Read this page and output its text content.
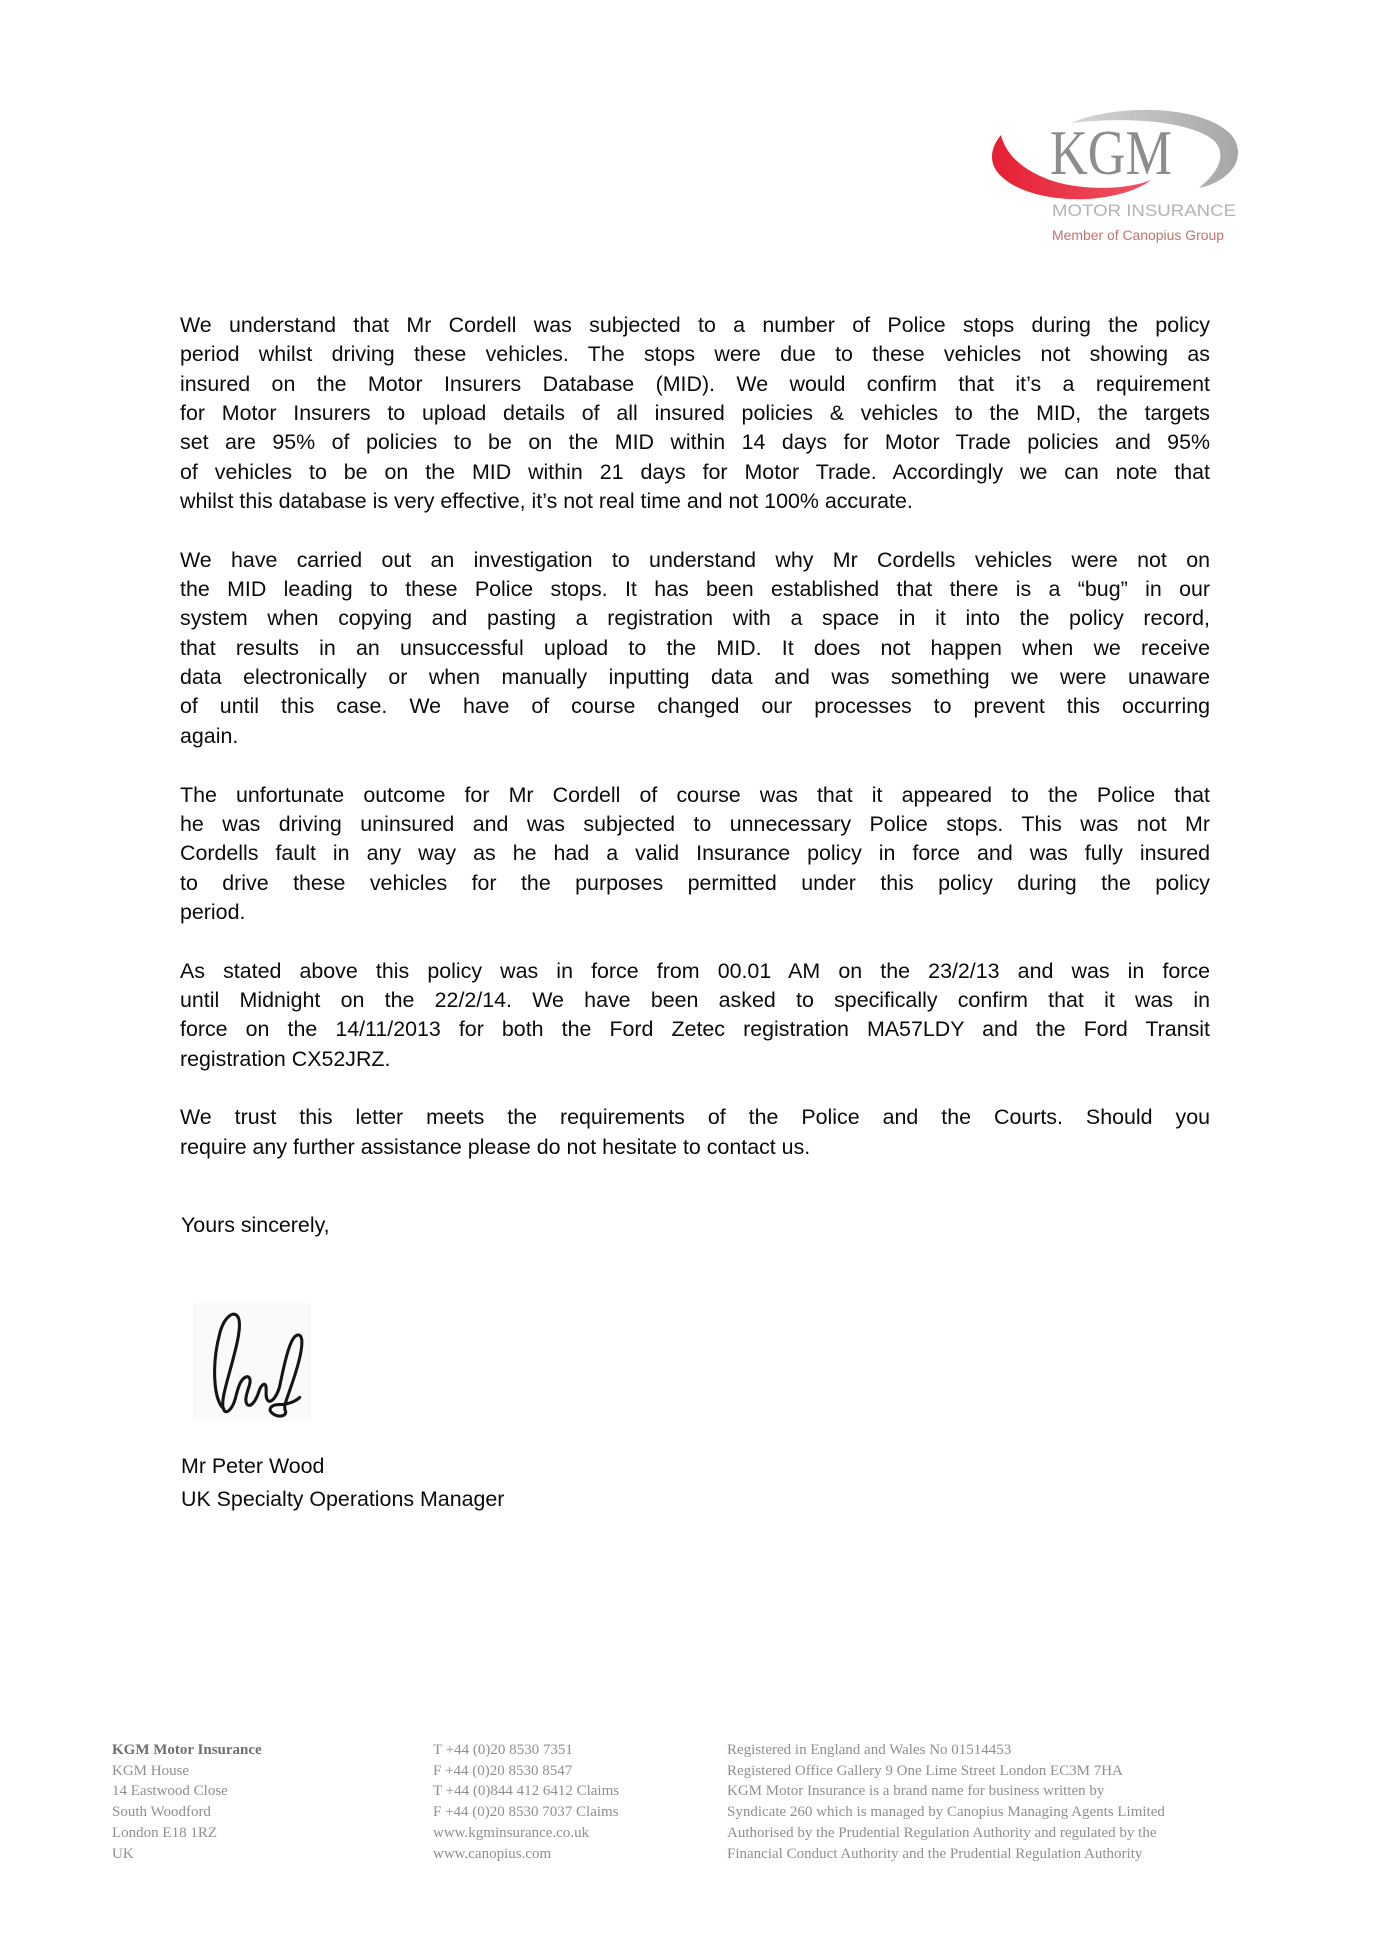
KGM
MOTOR INSURANCE
Member of Canopius Group
We understand that Mr Cordell was subjected to a number of Police stops during the policy
period whilst driving these vehicles. The stops were due to these vehicles not showing as
insured on the Motor Insurers Database (MID). We would confirm that it’s a requirement
for Motor Insurers to upload details of all insured policies & vehicles to the MID, the targets
set are 95% of policies to be on the MID within 14 days for Motor Trade policies and 95%
of vehicles to be on the MID within 21 days for Motor Trade. Accordingly we can note that
whilst this database is very effective, it’s not real time and not 100% accurate.
We have carried out an investigation to understand why Mr Cordells vehicles were not on
the MID leading to these Police stops. It has been established that there is a “bug” in our
system when copying and pasting a registration with a space in it into the policy record,
that results in an unsuccessful upload to the MID. It does not happen when we receive
data electronically or when manually inputting data and was something we were unaware
of until this case. We have of course changed our processes to prevent this occurring
again.
The unfortunate outcome for Mr Cordell of course was that it appeared to the Police that
he was driving uninsured and was subjected to unnecessary Police stops. This was not Mr
Cordells fault in any way as he had a valid Insurance policy in force and was fully insured
to drive these vehicles for the purposes permitted under this policy during the policy
period.
As stated above this policy was in force from 00.01 AM on the 23/2/13 and was in force
until Midnight on the 22/2/14. We have been asked to specifically confirm that it was in
force on the 14/11/2013 for both the Ford Zetec registration MA57LDY and the Ford Transit
registration CX52JRZ.
We trust this letter meets the requirements of the Police and the Courts. Should you
require any further assistance please do not hesitate to contact us.
Yours sincerely,
Mr Peter Wood
UK Specialty Operations Manager
KGM Motor Insurance
KGM House
14 Eastwood Close
South Woodford
London E18 1RZ
UK
T +44 (0)20 8530 7351
F +44 (0)20 8530 8547
T +44 (0)844 412 6412 Claims
F +44 (0)20 8530 7037 Claims
www.kgminsurance.co.uk
www.canopius.com
Registered in England and Wales No 01514453
Registered Office Gallery 9 One Lime Street London EC3M 7HA
KGM Motor Insurance is a brand name for business written by
Syndicate 260 which is managed by Canopius Managing Agents Limited
Authorised by the Prudential Regulation Authority and regulated by the
Financial Conduct Authority and the Prudential Regulation Authority
